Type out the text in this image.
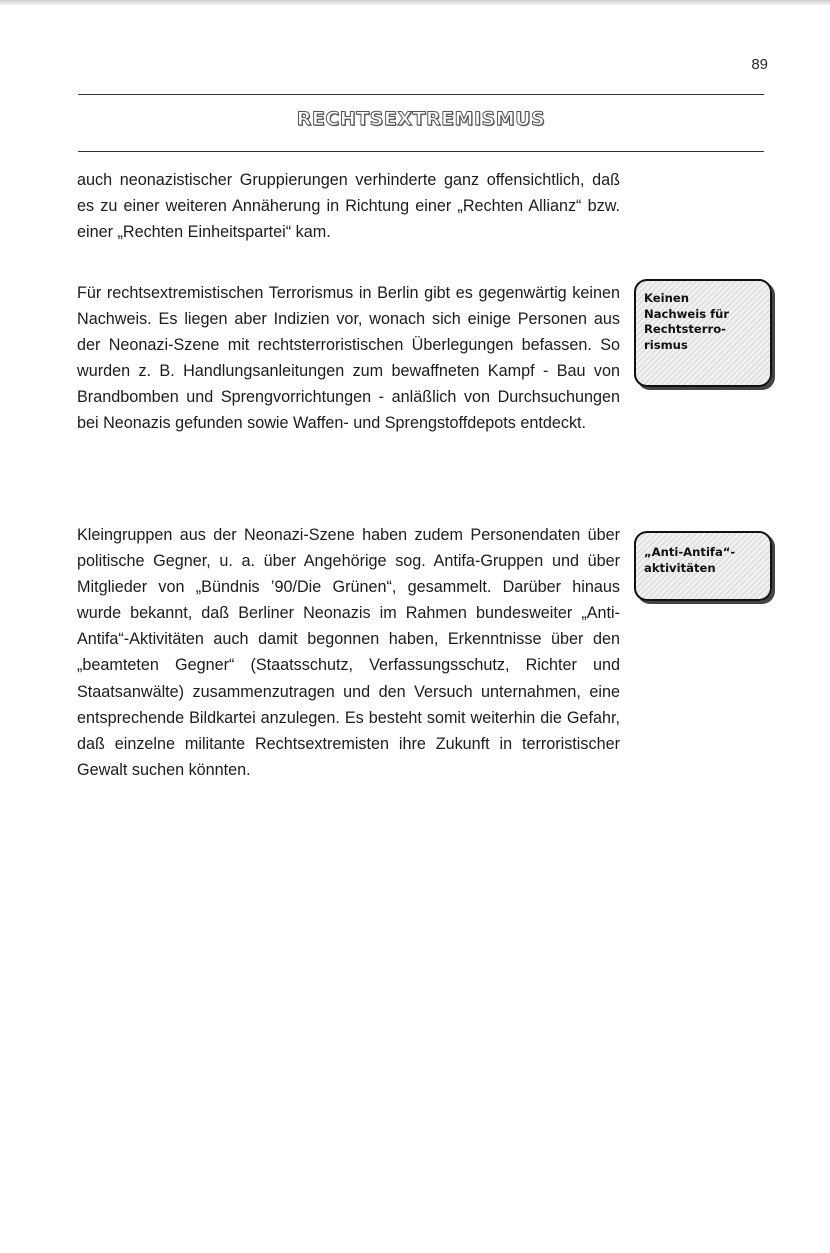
89
RECHTSEXTREMISMUS

auch neonazistischer Gruppierungen verhinderte ganz offensichtlich, daß es zu einer weiteren Annäherung in Richtung einer „Rechten Allianz“ bzw. einer „Rechten Einheitspartei“ kam.

Für rechtsextremistischen Terrorismus in Berlin gibt es gegenwärtig keinen Nachweis. Es liegen aber Indizien vor, wonach sich einige Personen aus der Neonazi-Szene mit rechtsterroristischen Überlegungen befassen. So wurden z. B. Handlungsanleitungen zum bewaffneten Kampf - Bau von Brandbomben und Sprengvorrichtungen - anläßlich von Durchsuchungen bei Neonazis gefunden sowie Waffen- und Sprengstoffdepots entdeckt.

Keinen
Nachweis für
Rechtsterro-
rismus

Kleingruppen aus der Neonazi-Szene haben zudem Personendaten über politische Gegner, u. a. über Angehörige sog. Antifa-Gruppen und über Mitglieder von „Bündnis ’90/Die Grünen“, gesammelt. Darüber hinaus wurde bekannt, daß Berliner Neonazis im Rahmen bundesweiter „Anti-Antifa“-Aktivitäten auch damit begonnen haben, Erkenntnisse über den „beamteten Gegner“ (Staatsschutz, Verfassungsschutz, Richter und Staatsanwälte) zusammenzutragen und den Versuch unternahmen, eine entsprechende Bildkartei anzulegen. Es besteht somit weiterhin die Gefahr, daß einzelne militante Rechtsextremisten ihre Zukunft in terroristischer Gewalt suchen könnten.

„Anti-Antifa“-
aktivitäten
